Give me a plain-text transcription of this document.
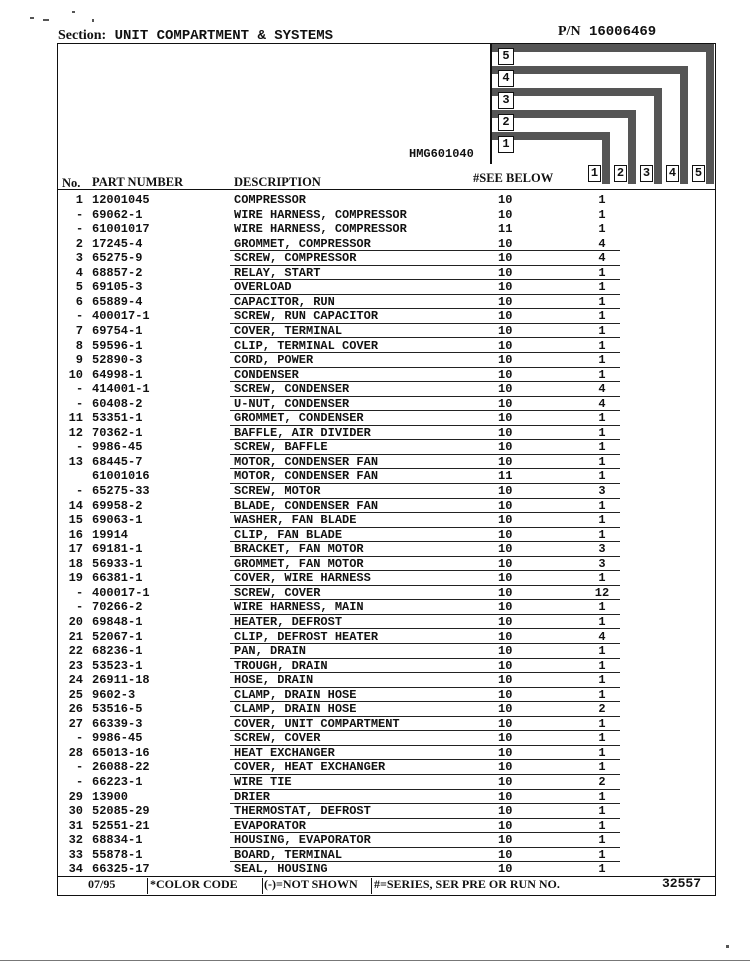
Section: UNIT COMPARTMENT & SYSTEMS	P/N 16006469
5
4
3
2
1
1 2 3 4 5
HMG601040
No. PART NUMBER	DESCRIPTION	#SEE BELOW
1 12001045	COMPRESSOR	10	1
- 69062-1	WIRE HARNESS, COMPRESSOR	10	1
- 61001017	WIRE HARNESS, COMPRESSOR	11	1
2 17245-4	GROMMET, COMPRESSOR	10	4
3 65275-9	SCREW, COMPRESSOR	10	4
4 68857-2	RELAY, START	10	1
5 69105-3	OVERLOAD	10	1
6 65889-4	CAPACITOR, RUN	10	1
- 400017-1	SCREW, RUN CAPACITOR	10	1
7 69754-1	COVER, TERMINAL	10	1
8 59596-1	CLIP, TERMINAL COVER	10	1
9 52890-3	CORD, POWER	10	1
10 64998-1	CONDENSER	10	1
- 414001-1	SCREW, CONDENSER	10	4
- 60408-2	U-NUT, CONDENSER	10	4
11 53351-1	GROMMET, CONDENSER	10	1
12 70362-1	BAFFLE, AIR DIVIDER	10	1
- 9986-45	SCREW, BAFFLE	10	1
13 68445-7	MOTOR, CONDENSER FAN	10	1
61001016	MOTOR, CONDENSER FAN	11	1
- 65275-33	SCREW, MOTOR	10	3
14 69958-2	BLADE, CONDENSER FAN	10	1
15 69063-1	WASHER, FAN BLADE	10	1
16 19914	CLIP, FAN BLADE	10	1
17 69181-1	BRACKET, FAN MOTOR	10	3
18 56933-1	GROMMET, FAN MOTOR	10	3
19 66381-1	COVER, WIRE HARNESS	10	1
- 400017-1	SCREW, COVER	10	12
- 70266-2	WIRE HARNESS, MAIN	10	1
20 69848-1	HEATER, DEFROST	10	1
21 52067-1	CLIP, DEFROST HEATER	10	4
22 68236-1	PAN, DRAIN	10	1
23 53523-1	TROUGH, DRAIN	10	1
24 26911-18	HOSE, DRAIN	10	1
25 9602-3	CLAMP, DRAIN HOSE	10	1
26 53516-5	CLAMP, DRAIN HOSE	10	2
27 66339-3	COVER, UNIT COMPARTMENT	10	1
- 9986-45	SCREW, COVER	10	1
28 65013-16	HEAT EXCHANGER	10	1
- 26088-22	COVER, HEAT EXCHANGER	10	1
- 66223-1	WIRE TIE	10	2
29 13900	DRIER	10	1
30 52085-29	THERMOSTAT, DEFROST	10	1
31 52551-21	EVAPORATOR	10	1
32 68834-1	HOUSING, EVAPORATOR	10	1
33 55878-1	BOARD, TERMINAL	10	1
34 66325-17	SEAL, HOUSING	10	1
07/95	*COLOR CODE (-)=NOT SHOWN #=SERIES, SER PRE OR RUN NO.	32557
